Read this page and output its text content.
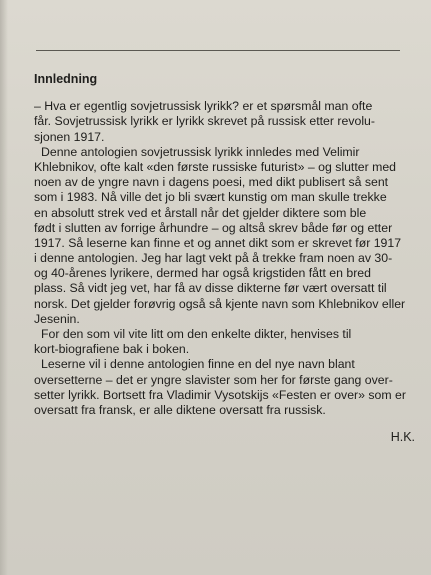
Innledning
– Hva er egentlig sovjetrussisk lyrikk? er et spørsmål man ofte
får. Sovjetrussisk lyrikk er lyrikk skrevet på russisk etter revolu-
sjonen 1917.
Denne antologien sovjetrussisk lyrikk innledes med Velimir
Khlebnikov, ofte kalt «den første russiske futurist» – og slutter med
noen av de yngre navn i dagens poesi, med dikt publisert så sent
som i 1983. Nå ville det jo bli svært kunstig om man skulle trekke
en absolutt strek ved et årstall når det gjelder diktere som ble
født i slutten av forrige århundre – og altså skrev både før og etter
1917. Så leserne kan finne et og annet dikt som er skrevet før 1917
i denne antologien. Jeg har lagt vekt på å trekke fram noen av 30-
og 40-årenes lyrikere, dermed har også krigstiden fått en bred
plass. Så vidt jeg vet, har få av disse dikterne før vært oversatt til
norsk. Det gjelder forøvrig også så kjente navn som Khlebnikov eller
Jesenin.
For den som vil vite litt om den enkelte dikter, henvises til
kort-biografiene bak i boken.
Leserne vil i denne antologien finne en del nye navn blant
oversetterne – det er yngre slavister som her for første gang over-
setter lyrikk. Bortsett fra Vladimir Vysotskijs «Festen er over» som er
oversatt fra fransk, er alle diktene oversatt fra russisk.
H.K.
